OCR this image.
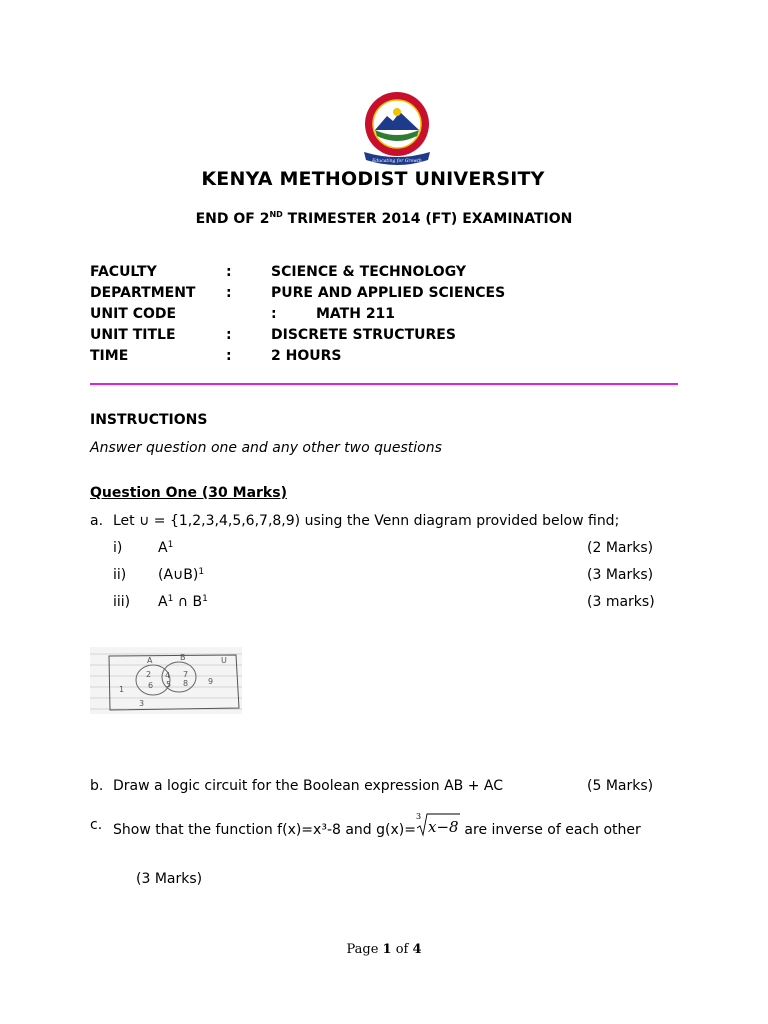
Educating for Growth
KENYA METHODIST UNIVERSITY
END OF 2ND TRIMESTER 2014 (FT) EXAMINATION
FACULTY	:	SCIENCE & TECHNOLOGY
DEPARTMENT :	PURE AND APPLIED SCIENCES
UNIT CODE	:	MATH 211
UNIT TITLE	:	DISCRETE STRUCTURES
TIME	:	2 HOURS
INSTRUCTIONS
Answer question one and any other two questions
Question One (30 Marks)
a. Let ∪ = {1,2,3,4,5,6,7,8,9) using the Venn diagram provided below find;
i)	$A^1$	(2 Marks)
ii) (A∪B)$^1$	(3 Marks)
iii) $A^1$ ∩ $B^1$	(3 marks)
A	B	U
1
2
6
4
5
7
8 9
3
b. Draw a logic circuit for the Boolean expression AB + AC	(5 Marks)
c. Show that the function f(x)=x³-8 and g(x)=
3
x−8 are inverse of each other
(3 Marks)
Page 1 of 4
